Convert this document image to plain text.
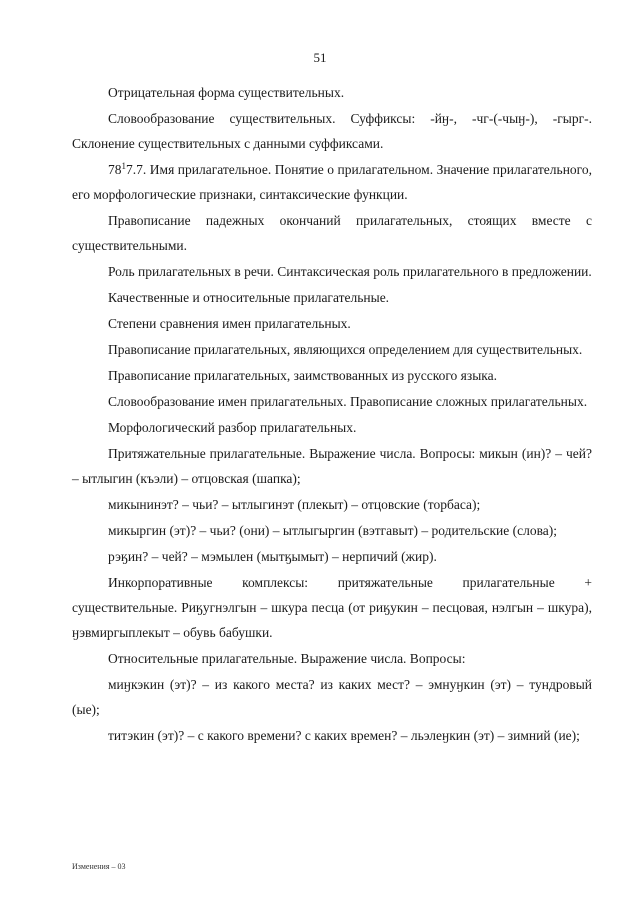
51

Отрицательная форма существительных.

Словообразование существительных. Суффиксы: -йӈ-, -чг-(-чыӈ-), -гырг-. Склонение существительных с данными суффиксами.

$78^17.7$. Имя прилагательное. Понятие о прилагательном. Значение прилагательного, его морфологические признаки, синтаксические функции.

Правописание падежных окончаний прилагательных, стоящих вместе с существительными.

Роль прилагательных в речи. Синтаксическая роль прилагательного в предложении.

Качественные и относительные прилагательные.

Степени сравнения имен прилагательных.

Правописание прилагательных, являющихся определением для существительных.

Правописание прилагательных, заимствованных из русского языка.

Словообразование имен прилагательных. Правописание сложных прилагательных.

Морфологический разбор прилагательных.

Притяжательные прилагательные. Выражение числа. Вопросы: микын (ин)? – чей? – ытлыгин (къэли) – отцовская (шапка);

микынинэт? – чьи? – ытлыгинэт (плекыт) – отцовские (торбаса);

микыргин (эт)? – чьи? (они) – ытлыгыргин (вэтгавыт) – родительские (слова);

рэӄин? – чей? – мэмылен (мытӄымыт) – нерпичий (жир).

Инкорпоративные комплексы: притяжательные прилагательные + существительные. Риӄугнэлгын – шкура песца (от риӄукин – песцовая, нэлгын – шкура), ӈэвмиргыплекыт – обувь бабушки.

Относительные прилагательные. Выражение числа. Вопросы:

миӈкэкин (эт)? – из какого места? из каких мест? – эмнуӈкин (эт) – тундровый (ые);

титэкин (эт)? – с какого времени? с каких времен? – льэлеӈкин (эт) – зимний (ие);

Изменения – 03
